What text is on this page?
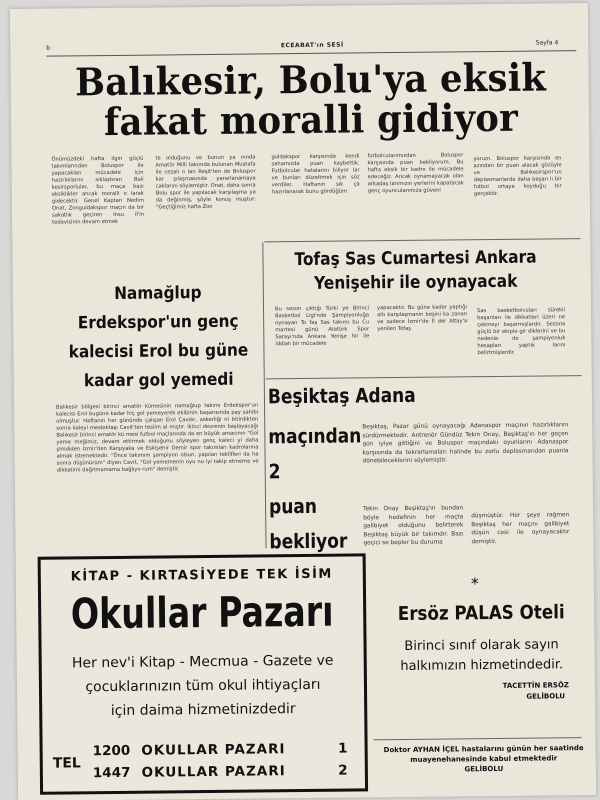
b	ECEABAT'ın SESİ	Sayfa 4
Balıkesir, Bolu'ya eksik
fakat moralli gidiyor
Önümüzdeki hafta ilgin güçlü takımlarından Boluspor ile yapacakları mücadele için hazırlıklarını sıklaştıran Bali kesirsporlular, bu maça bazı eksiklikler ancak moralli o larak gidecektir. Genel Kaptan Nedim Onat, Zonguldakspor maçın da bir sakatlık geçiren Insu il'in tedavisinin devam etmek
te olduğunu ve bunun ya nında Amatör Milli takımda bulunan Mustafa ile cezalı o lan Reşit'ten de Boluspor kar şılaşmasında yararlanamaya caklarını söylemiştir. Onat, daha sonra Bolu spor ile yapılacak karşılaşma ya da değinmiş, şöyle konuş muştur: "Geçtiğimiz hafta Zon
guldakspor karşısında kendi sahamızda puan kaybettik. Futbolcular hatalarını biliyor lar ve bunları düzeltmek için söz verdiler. Haftanın sık ça hazırlanarak bunu gördüğüm
futbolcularımızdan Boluspor karşısında puan bekliyorum. Bu hafta eksik bir kadro ile mücadele edeceğiz. Ancak oynamayacak olan arkadaş larımızın yerlerini kapatacak genç oyuncularımıza güveni
yorum. Boluspor karşısında en azından bir puan alacak gözüyle ve Balıkesirspor'un deplasmanlarda daha başarı lı bir futbol ortaya koyduğu bir gerçektir.
Tofaş Sas Cumartesi Ankara
Yenişehir ile oynayacak
Bu sezon çıktığı Türki ye Birinci Basketbol Ligi'nde Şampiyonluğa oynayan To faş Sas takımı bu Cu martesi günü Atatürk Spor Sarayı'nda Ankara Yenişe hir ile iddialı bir mücadele
yapacaktır. Bu güne kadar yaptığı altı karşılaşmanın beşini ka zanan ve sadece İzmir'de İl der Altay'a yenilen Tofaş
Sas basketbolcuları sürekli başarıları ile dikkatleri üzeri ne çekmeyi başarmışlardır. Sezona güçlü bir ekiple gir diklerini ve bu nedenle de şampiyonluk hesapları yaptık larını belirtmişlerdir.
Namağlup
Erdekspor'un genç
kalecisi Erol bu güne
kadar gol yemedi
Balıkesir bölgesi birinci amatör kümesinin namağlup takımı Erdekspor'un kalecisi Erol bugüne kadar hiç gol yemeyerek ekibinin başarısında pay sahibi olmuştur. Haftanın her gününde çalışan Erol Çavdır, askerliği ni bitirdikten sonra kaleyi meslektaşı Cavit'ten teslim al mıştır. İkinci devrenin başlayacağı Balıkesir birinci amatör kü mesi futbol maçlarında da en büyük amacının "Gol yeme meğimiz, devam ettirmek olduğunu söyleyen genç kaleci yi daha şimdiden İzmir'den Karşıyaka ve Eskişehir Demir spor takımları kadrolarına almak istemektedir. "Önce takımım şampiyon olsun, yapılan teklifleri da ha sonra düşünürüm" diyen Cavit, "Gol yememenin oyu nu iyi takip etmeme ve dikkatimi dağıtmamama bağlıyo rum" demiştir.
Beşiktaş Adana
maçından
2
puan
bekliyor
Beşiktaş, Pazar günü oynayacağı Adanaspor maçının hazırlıklarını sürdürmektedir. Antrenör Gündüz Tekin Onay, Beşiktaş'ın her geçen gün iyiye gittiğini ve Boluspor maçındaki oyunlarını Adanaspor karşısında da tekrarlamaları halinde bu zorlu deplasmandan puanla dönebileceklerini söylemiştir.
Tekin Onay Beşiktaş'ın bundan böyle hedefinin her maçta galibiyet olduğunu belirterek Beşiktaş büyük bir takımdır. Bazı geçici se bepler bu duruma
düşmüştür. Her şeye rağmen Beşiktaş her maçını galibiyet düşün cesi ile oynayacaktır demiştir.
*
KİTAP - KIRTASİYEDE TEK İSİM
Okullar Pazarı
Her nev'i Kitap - Mecmua - Gazete ve
çocuklarınızın tüm okul ihtiyaçları
için daima hizmetinizdedir
TEL
1200 OKULLAR PAZARI	1
1447 OKULLAR PAZARI	2
Ersöz PALAS Oteli
Birinci sınıf olarak sayın
halkımızın hizmetindedir.
TACETTİN ERSÖZ
GELİBOLU
Doktor AYHAN İÇEL hastalarını günün her saatinde
muayenehanesinde kabul etmektedir
GELİBOLU
